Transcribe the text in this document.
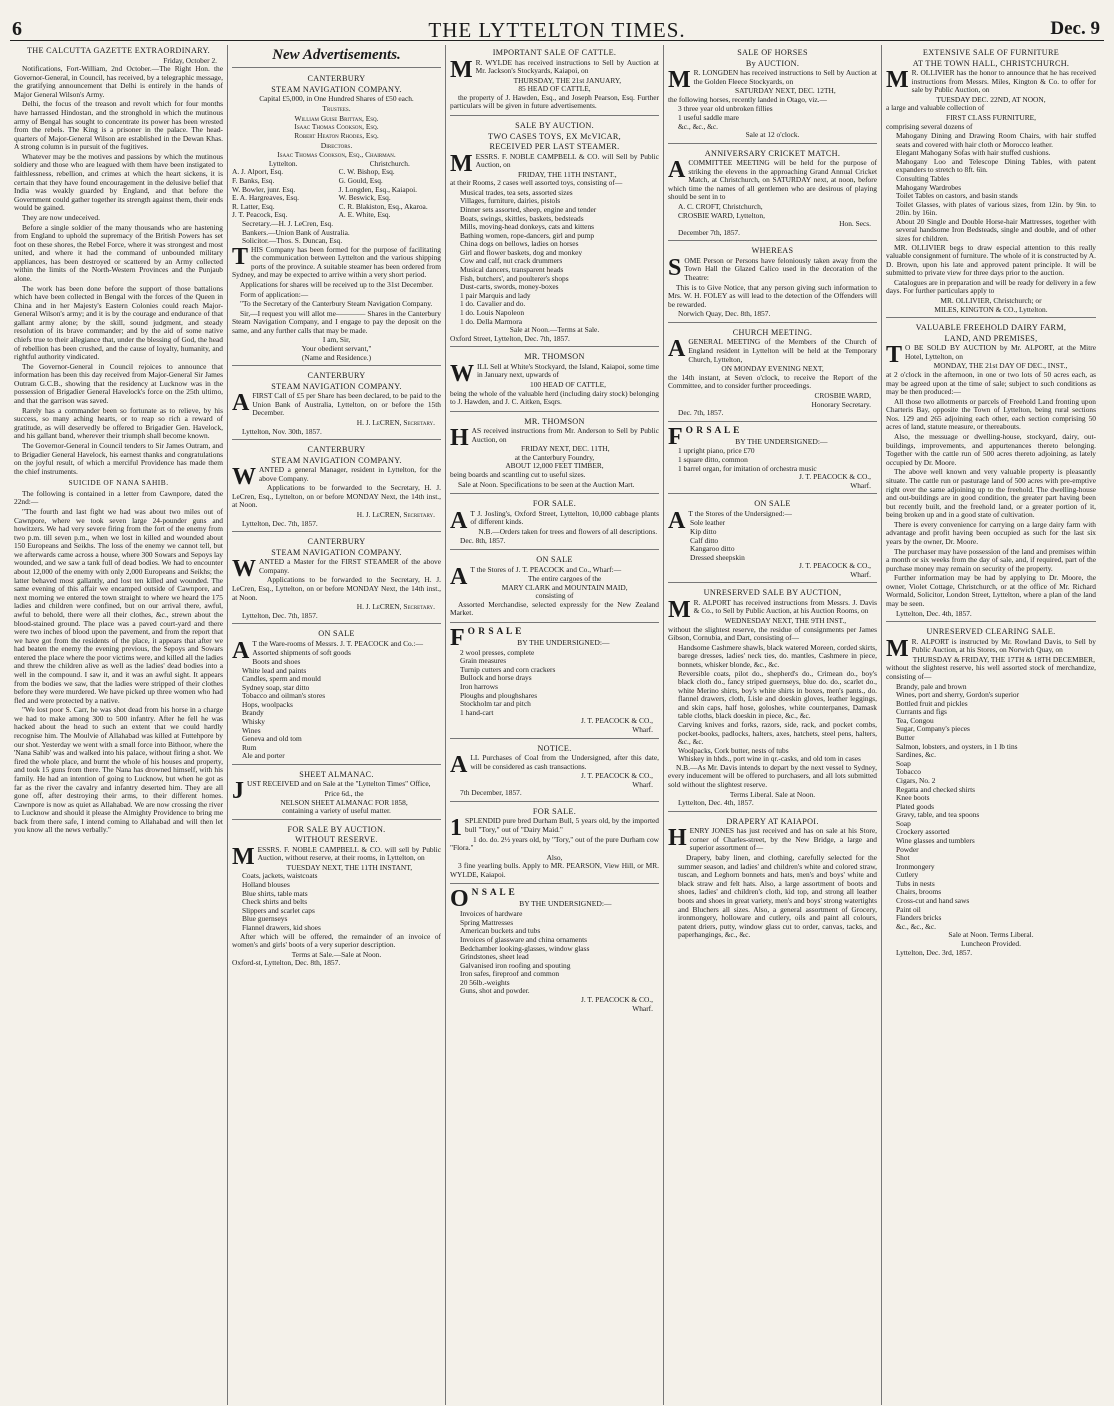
6	THE LYTTELTON TIMES.	Dec. 9
THE CALCUTTA GAZETTE EXTRAORDINARY.
Friday, October 2.

Notifications, Fort-William, 2nd October.—The Right Hon. the Governor-General, in Council, has received, by a telegraphic message, the gratifying announcement that Delhi is entirely in the hands of Major General Wilson's Army.

Delhi, the focus of the treason and revolt which for four months have harrassed Hindostan, and the stronghold in which the mutinous army of Bengal has sought to concentrate its power has been wrested from the rebels. The King is a prisoner in the palace. The head-quarters of Major-General Wilson are established in the Dewan Khas. A strong column is in pursuit of the fugitives.

Whatever may be the motives and passions by which the mutinous soldiery and those who are leagued with them have been instigated to faithlessness, rebellion, and crimes at which the heart sickens, it is certain that they have found encouragement in the delusive belief that India was weakly guarded by England, and that before the Government could gather together its strength against them, their ends would be gained.

They are now undeceived.

Before a single soldier of the many thousands who are hastening from England to uphold the supremacy of the British Powers has set foot on these shores, the Rebel Force, where it was strongest and most united, and where it had the command of unbounded military appliances, has been destroyed or scattered by an Army collected within the limits of the North-Western Provinces and the Punjaub alone.

The work has been done before the support of those battalions which have been collected in Bengal with the forces of the Queen in China and in her Majesty's Eastern Colonies could reach Major-General Wilson's army; and it is by the courage and endurance of that gallant army alone; by the skill, sound judgment, and steady resolution of its brave commander; and by the aid of some native chiefs true to their allegiance that, under the blessing of God, the head of rebellion has been crushed, and the cause of loyalty, humanity, and rightful authority vindicated.

The Governor-General in Council rejoices to announce that information has been this day received from Major-General Sir James Outram G.C.B., showing that the residency at Lucknow was in the possession of Brigadier General Havelock's force on the 25th ultimo, and that the garrison was saved.

Rarely has a commander been so fortunate as to relieve, by his success, so many aching hearts, or to reap so rich a reward of gratitude, as will deservedly be offered to Brigadier Gen. Havelock, and his gallant band, wherever their triumph shall become known.

The Governor-General in Council tenders to Sir James Outram, and to Brigadier General Havelock, his earnest thanks and congratulations on the joyful result, of which a merciful Providence has made them the chief instruments.

SUICIDE OF NANA SAHIB.

The following is contained in a letter from Cawnpore, dated the 22nd:—

"The fourth and last fight we had was about two miles out of Cawnpore, where we took seven large 24-pounder guns and howitzers. We had very severe firing from the fort of the enemy from two p.m. till seven p.m., when we lost in killed and wounded about 150 Europeans and Seikhs. The loss of the enemy we cannot tell, but we afterwards came across a house, where 300 Sowars and Sepoys lay wounded, and we saw a tank full of dead bodies. We had to encounter about 12,000 of the enemy with only 2,000 Europeans and Seikhs; the latter behaved most gallantly, and lost ten killed and wounded. The same evening of this affair we encamped outside of Cawnpore, and next morning we entered the town straight to where we heard the 175 ladies and children were confined, but on our arrival there, awful, awful to behold, there were all their clothes, &c., strewn about the blood-stained ground. The place was a paved court-yard and there were two inches of blood upon the pavement, and from the report that we have got from the residents of the place, it appears that after we had beaten the enemy the evening previous, the Sepoys and Sowars entered the place where the poor victims were, and killed all the ladies and threw the children alive as well as the ladies' dead bodies into a well in the compound. I saw it, and it was an awful sight. It appears from the bodies we saw, that the ladies were stripped of their clothes before they were murdered. We have picked up three women who had fled and were protected by a native.

"We lost poor S. Carr, he was shot dead from his horse in a charge we had to make among 300 to 500 infantry. After he fell he was hacked about the head to such an extent that we could hardly recognise him. The Moulvie of Allahabad was killed at Futtehpore by our shot. Yesterday we went with a small force into Bithoor, where the 'Nana Sahib' was and walked into his palace, without firing a shot. We fired the whole place, and burnt the whole of his houses and property, and took 15 guns from there. The Nana has drowned himself, with his family. He had an intention of going to Lucknow, but when he got as far as the river the cavalry and infantry deserted him. They are all gone off, after destroying their arms, to their different homes. Cawnpore is now as quiet as Allahabad. We are now crossing the river to Lucknow and should it please the Almighty Providence to bring me back from there safe, I intend coming to Allahabad and will then let you know all the news verbally."

New Advertisements.
CANTERBURY
STEAM NAVIGATION COMPANY.
Capital £5,000, in One Hundred Shares of £50 each.
Trustees.
William Guise Brittan, Esq.
Isaac Thomas Cookson, Esq.
Robert Heaton Rhodes, Esq.
Directors.
Isaac Thomas Cookson, Esq., Chairman.
Lyttelton.
A. J. Alport, Esq.
F. Banks, Esq.
W. Bowler, junr. Esq.
E. A. Hargreaves, Esq.
R. Latter, Esq.
J. T. Peacock, Esq.
Christchurch.
C. W. Bishop, Esq.
G. Gould, Esq.
J. Longden, Esq., Kaiapoi.
W. Beswick, Esq.
C. R. Blakiston, Esq., Akaroa.
A. E. White, Esq.
Secretary.—H. J. LeCren, Esq.
Bankers.—Union Bank of Australia.
Solicitor.—Thos. S. Duncan, Esq.

THIS Company has been formed for the purpose of facilitating the communication between Lyttelton and the various shipping ports of the province. A suitable steamer has been ordered from Sydney, and may be expected to arrive within a very short period.

Applications for shares will be received up to the 31st December.

Form of application:—

"To the Secretary of the Canterbury Steam Navigation Company.

Sir,—I request you will allot me———— Shares in the Canterbury Steam Navigation Company, and I engage to pay the deposit on the same, and any further calls that may be made.

I am, Sir,
Your obedient servant,"
(Name and Residence.)
CANTERBURY
STEAM NAVIGATION COMPANY.

AFIRST Call of £5 per Share has been declared, to be paid to the Union Bank of Australia, Lyttelton, on or before the 15th December.

H. J. LeCREN, Secretary.
Lyttelton, Nov. 30th, 1857.
CANTERBURY
STEAM NAVIGATION COMPANY.

WANTED a general Manager, resident in Lyttelton, for the above Company.

Applications to be forwarded to the Secretary, H. J. LeCren, Esq., Lyttelton, on or before MONDAY Next, the 14th inst., at Noon.

H. J. LeCREN, Secretary.
Lyttelton, Dec. 7th, 1857.
CANTERBURY
STEAM NAVIGATION COMPANY.

WANTED a Master for the FIRST STEAMER of the above Company.

Applications to be forwarded to the Secretary, H. J. LeCren, Esq., Lyttelton, on or before MONDAY Next, the 14th inst., at Noon.

H. J. LeCREN, Secretary.
Lyttelton, Dec. 7th, 1857.
ON SALE

A T the Ware-rooms of Messrs. J. T. PEACOCK and Co.:—

Assorted shipments of soft goods
Boots and shoes
White lead and paints
Candles, sperm and mould
Sydney soap, star ditto
Tobacco and oilman's stores
Hops, woolpacks
Brandy
Whisky
Wines
Geneva and old tom
Rum
Ale and porter
SHEET ALMANAC.

JUST RECEIVED and on Sale at the "Lyttelton Times" Office,

Price 6d., the
NELSON SHEET ALMANAC FOR 1858,
containing a variety of useful matter.
FOR SALE BY AUCTION.
WITHOUT RESERVE.

MESSRS. F. NOBLE CAMPBELL & CO. will sell by Public Auction, without reserve, at their rooms, in Lyttelton, on

TUESDAY NEXT, THE 11TH INSTANT,
Coats, jackets, waistcoats
Holland blouses
Blue shirts, table mats
Check shirts and belts
Slippers and scarlet caps
Blue guernseys
Flannel drawers, kid shoes

After which will be offered, the remainder of an invoice of women's and girls' boots of a very superior description.

Terms at Sale.—Sale at Noon.
Oxford-st, Lyttelton, Dec. 8th, 1857.
IMPORTANT SALE OF CATTLE.

M R. WYLDE has received instructions to Sell by Auction at Mr. Jackson's Stockyards, Kaiapoi, on

THURSDAY, THE 21st JANUARY,
85 HEAD OF CATTLE,

the property of J. Hawden, Esq., and Joseph Pearson, Esq. Further particulars will be given in future advertisements.

SALE BY AUCTION.
TWO CASES TOYS, EX McVICAR,
RECEIVED PER LAST STEAMER.

MESSRS. F. NOBLE CAMPBELL & CO. will Sell by Public Auction, on

FRIDAY, THE 11TH INSTANT.,

at their Rooms, 2 cases well assorted toys, consisting of—

Musical trades, tea sets, assorted sizes
Villages, furniture, dairies, pistols
Dinner sets assorted, sheep, engine and tender
Boats, swings, skittles, baskets, bedsteads
Mills, moving-head donkeys, cats and kittens
Bathing women, rope-dancers, girl and pump
China dogs on bellows, ladies on horses
Girl and flower baskets, dog and monkey
Cow and calf, nut crack drummers
Musical dancers, transparent heads
Fish, butchers', and poulterer's shops
Dust-carts, swords, money-boxes
1 pair Marquis and lady
1 do. Cavalier and do.
1 do. Louis Napoleon
1 do. Della Marmora
Sale at Noon.—Terms at Sale.
Oxford Street, Lyttelton, Dec. 7th, 1857.
MR. THOMSON

WILL Sell at White's Stockyard, the Island, Kaiapoi, some time in January next, upwards of

100 HEAD OF CATTLE,

being the whole of the valuable herd (including dairy stock) belonging to J. Hawden, and J. C. Aitken, Esqrs.

MR. THOMSON

HAS received instructions from Mr. Anderson to Sell by Public Auction, on

FRIDAY NEXT, DEC. 11TH,
at the Canterbury Foundry,
ABOUT 12,000 FEET TIMBER,

being boards and scantling cut to useful sizes.

Sale at Noon. Specifications to be seen at the Auction Mart.

FOR SALE.

A T J. Josling's, Oxford Street, Lyttelton, 10,000 cabbage plants of different kinds.

N.B.—Orders taken for trees and flowers of all descriptions.

Dec. 8th, 1857.
ON SALE

A T the Stores of J. T. PEACOCK and Co., Wharf:—

The entire cargoes of the
MARY CLARK and MOUNTAIN MAID,
consisting of

Assorted Merchandise, selected expressly for the New Zealand Market.

F O R S A L E
BY THE UNDERSIGNED:—
2 wool presses, complete
Grain measures
Turnip cutters and corn crackers
Bullock and horse drays
Iron harrows
Ploughs and ploughshares
Stockholm tar and pitch
1 hand-cart
J. T. PEACOCK & CO.,
Wharf.
NOTICE.

ALL Purchases of Coal from the Undersigned, after this date, will be considered as cash transactions.

J. T. PEACOCK & CO.,
Wharf.
7th December, 1857.
FOR SALE.

1 SPLENDID pure bred Durham Bull, 5 years old, by the imported bull "Tory," out of "Dairy Maid."

1 do. do. 2½ years old, by "Tory," out of the pure Durham cow "Flora."

Also,

3 fine yearling bulls. Apply to MR. PEARSON, View Hill, or MR. WYLDE, Kaiapoi.

O N S A L E
BY THE UNDERSIGNED:—
Invoices of hardware
Spring Mattresses
American buckets and tubs
Invoices of glassware and china ornaments
Bedchamber looking-glasses, window glass
Grindstones, sheet lead
Galvanised iron roofing and spouting
Iron safes, fireproof and common
20 56lb.-weights
Guns, shot and powder.
J. T. PEACOCK & CO.,
Wharf.
SALE OF HORSES
By AUCTION.

M R. LONGDEN has received instructions to Sell by Auction at the Golden Fleece Stockyards, on

SATURDAY NEXT, DEC. 12TH,

the following horses, recently landed in Otago, viz.—

3 three year old unbroken fillies
1 useful saddle mare
&c., &c., &c.
Sale at 12 o'clock.
ANNIVERSARY CRICKET MATCH.

ACOMMITTEE MEETING will be held for the purpose of striking the elevens in the approaching Grand Annual Cricket Match, at Christchurch, on SATURDAY next, at noon, before which time the names of all gentlemen who are desirous of playing should be sent in to

A. C. CROFT, Christchurch,
CROSBIE WARD, Lyttelton,
Hon. Secs.
December 7th, 1857.
WHEREAS

SOME Person or Persons have feloniously taken away from the Town Hall the Glazed Calico used in the decoration of the Theatre:

This is to Give Notice, that any person giving such information to Mrs. W. H. FOLEY as will lead to the detection of the Offenders will be rewarded.

Norwich Quay, Dec. 8th, 1857.
CHURCH MEETING.

AGENERAL MEETING of the Members of the Church of England resident in Lyttelton will be held at the Temporary Church, Lyttelton,

ON MONDAY EVENING NEXT,

the 14th instant, at Seven o'clock, to receive the Report of the Committee, and to consider further proceedings.

CROSBIE WARD,
Honorary Secretary.
Dec. 7th, 1857.
F O R S A L E
BY THE UNDERSIGNED:—
1 upright piano, price £70
1 square ditto, common
1 barrel organ, for imitation of orchestra music
J. T. PEACOCK & CO.,
Wharf.
ON SALE

A T the Stores of the Undersigned:—

Sole leather
Kip ditto
Calf ditto
Kangaroo ditto
Dressed sheepskin
J. T. PEACOCK & CO.,
Wharf.
UNRESERVED SALE BY AUCTION,

M R. ALPORT has received instructions from Messrs. J. Davis & Co., to Sell by Public Auction, at his Auction Rooms, on

WEDNESDAY NEXT, THE 9TH INST.,

without the slightest reserve, the residue of consignments per James Gibson, Cornubia, and Dart, consisting of—

Handsome Cashmere shawls, black watered Moreen, corded skirts, barege dresses, ladies' neck ties, do. mantles, Cashmere in piece, bonnets, whisker blonde, &c., &c.
Reversible coats, pilot do., shepherd's do., Crimean do., boy's black cloth do., fancy striped guernseys, blue do. do., scarlet do., white Merino shirts, boy's white shirts in boxes, men's pants., do. flannel drawers, cloth, Lisle and doeskin gloves, leather leggings, and skin caps, half hose, goloshes, white counterpanes, Damask table cloths, black doeskin in piece, &c., &c.
Carving knives and forks, razors, side, rack, and pocket combs, pocket-books, padlocks, halters, axes, hatchets, steel pens, halters, &c., &c.
Woolpacks, Cork butter, nests of tubs
Whiskey in hhds., port wine in qr.-casks, and old tom in cases

N.B.—As Mr. Davis intends to depart by the next vessel to Sydney, every inducement will be offered to purchasers, and all lots submitted sold without the slightest reserve.

Terms Liberal. Sale at Noon.
Lyttelton, Dec. 4th, 1857.
DRAPERY AT KAIAPOI.

HENRY JONES has just received and has on sale at his Store, corner of Charles-street, by the New Bridge, a large and superior assortment of—

Drapery, baby linen, and clothing, carefully selected for the summer season, and ladies' and children's white and colored straw, tuscan, and Leghorn bonnets and hats, men's and boys' white and black straw and felt hats. Also, a large assortment of boots and shoes, ladies' and children's cloth, kid top, and strong all leather boots and shoes in great variety, men's and boys' strong watertights and Bluchers all sizes. Also, a general assortment of Grocery, ironmongery, holloware and cutlery, oils and paint all colours, patent driers, putty, window glass cut to order, canvas, tacks, and paperhangings, &c., &c.

EXTENSIVE SALE OF FURNITURE
AT THE TOWN HALL, CHRISTCHURCH.

M R. OLLIVIER has the honor to announce that he has received instructions from Messrs. Miles, Kington & Co. to offer for sale by Public Auction, on

TUESDAY DEC. 22ND, AT NOON,

a large and valuable collection of

FIRST CLASS FURNITURE,

comprising several dozens of

Mahogany Dining and Drawing Room Chairs, with hair stuffed seats and covered with hair cloth or Morocco leather.
Elegant Mahogany Sofas with hair stuffed cushions.
Mahogany Loo and Telescope Dining Tables, with patent expanders to stretch to 8ft. 6in.
Consulting Tables
Mahogany Wardrobes
Toilet Tables on castors, and basin stands
Toilet Glasses, with plates of various sizes, from 12in. by 9in. to 20in. by 16in.
About 20 Single and Double Horse-hair Mattresses, together with several handsome Iron Bedsteads, single and double, and of other sizes for children.

MR. OLLIVIER begs to draw especial attention to this really valuable consignment of furniture. The whole of it is constructed by A. D. Brown, upon his late and approved patent principle. It will be submitted to private view for three days prior to the auction.

Catalogues are in preparation and will be ready for delivery in a few days. For further particulars apply to

MR. OLLIVIER, Christchurch; or
MILES, KINGTON & CO., Lyttelton.
VALUABLE FREEHOLD DAIRY FARM,
LAND, AND PREMISES,

T O BE SOLD BY AUCTION by Mr. ALPORT, at the Mitre Hotel, Lyttelton, on

MONDAY, THE 21st DAY OF DEC., INST.,

at 2 o'clock in the afternoon, in one or two lots of 50 acres each, as may be agreed upon at the time of sale; subject to such conditions as may be then produced:—

All those two allotments or parcels of Freehold Land fronting upon Charteris Bay, opposite the Town of Lyttelton, being rural sections Nos. 129 and 265 adjoining each other, each section comprising 50 acres of land, statute measure, or thereabouts.

Also, the messuage or dwelling-house, stockyard, dairy, out-buildings, improvements, and appurtenances thereto belonging. Together with the cattle run of 500 acres thereto adjoining, as lately occupied by Dr. Moore.

The above well known and very valuable property is pleasantly situate. The cattle run or pasturage land of 500 acres with pre-emptive right over the same adjoining up to the freehold. The dwelling-house and out-buildings are in good condition, the greater part having been but recently built, and the freehold land, or a greater portion of it, being broken up and in a good state of cultivation.

There is every convenience for carrying on a large dairy farm with advantage and profit having been occupied as such for the last six years by the owner, Dr. Moore.

The purchaser may have possession of the land and premises within a month or six weeks from the day of sale, and, if required, part of the purchase money may remain on security of the property.

Further information may be had by applying to Dr. Moore, the owner, Violet Cottage, Christchurch, or at the office of Mr. Richard Wormald, Solicitor, London Street, Lyttelton, where a plan of the land may be seen.

Lyttelton, Dec. 4th, 1857.
UNRESERVED CLEARING SALE.

M R. ALPORT is instructed by Mr. Rowland Davis, to Sell by Public Auction, at his Stores, on Norwich Quay, on

THURSDAY & FRIDAY, THE 17TH & 18TH DECEMBER,

without the slightest reserve, his well assorted stock of merchandize, consisting of—

Brandy, pale and brown
Wines, port and sherry, Gordon's superior
Bottled fruit and pickles
Currants and figs
Tea, Congou
Sugar, Company's pieces
Butter
Salmon, lobsters, and oysters, in 1 lb tins
Sardines, &c.
Soap
Tobacco
Cigars, No. 2
Regatta and checked shirts
Knee boots
Plated goods
Gravy, table, and tea spoons
Soap
Crockery assorted
Wine glasses and tumblers
Powder
Shot
Ironmongery
Cutlery
Tubs in nests
Chairs, brooms
Cross-cut and hand saws
Paint oil
Flanders bricks
&c., &c., &c.
Sale at Noon. Terms Liberal.
Luncheon Provided.
Lyttelton, Dec. 3rd, 1857.
